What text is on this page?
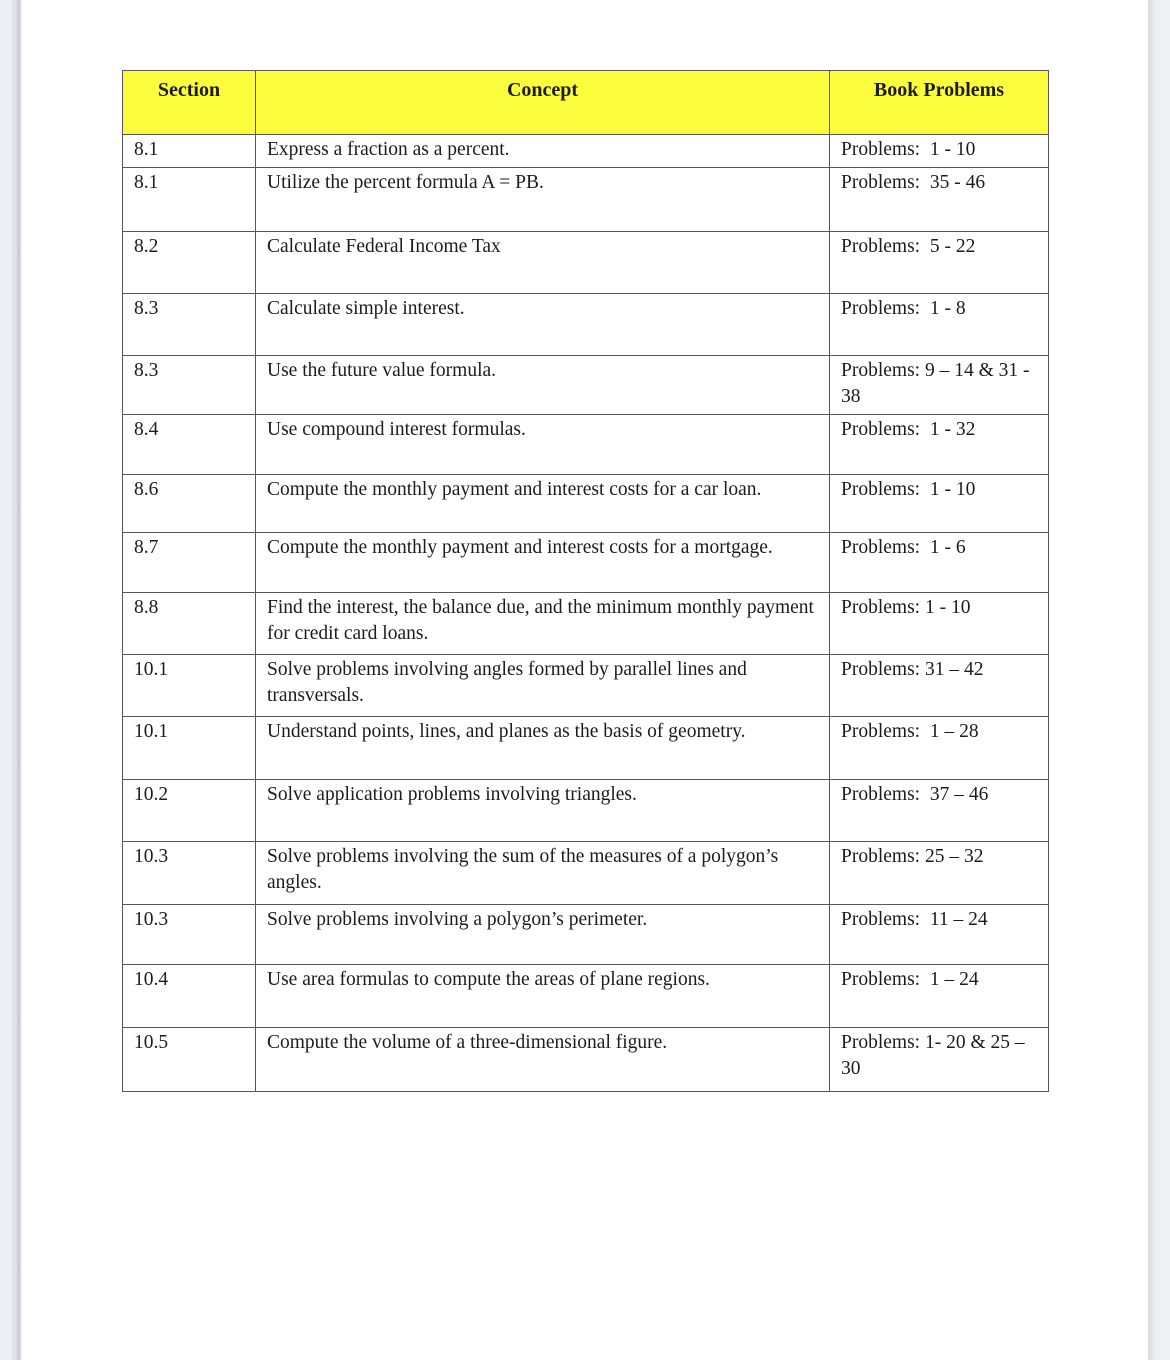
Section	Concept	Book Problems
8.1	Express a fraction as a percent.	Problems:  1 - 10
8.1	Utilize the percent formula A = PB.	Problems:  35 - 46
8.2	Calculate Federal Income Tax	Problems:  5 - 22
8.3	Calculate simple interest.	Problems:  1 - 8
8.3	Use the future value formula.	Problems: 9 – 14 & 31 - 38
8.4	Use compound interest formulas.	Problems:  1 - 32
8.6	Compute the monthly payment and interest costs for a car loan.	Problems:  1 - 10
8.7	Compute the monthly payment and interest costs for a mortgage.	Problems:  1 - 6
8.8	Find the interest, the balance due, and the minimum monthly payment for credit card loans.	Problems: 1 - 10
10.1	Solve problems involving angles formed by parallel lines and transversals.	Problems: 31 – 42
10.1	Understand points, lines, and planes as the basis of geometry.	Problems:  1 – 28
10.2	Solve application problems involving triangles.	Problems:  37 – 46
10.3	Solve problems involving the sum of the measures of a polygon’s angles.	Problems: 25 – 32
10.3	Solve problems involving a polygon’s perimeter.	Problems:  11 – 24
10.4	Use area formulas to compute the areas of plane regions.	Problems:  1 – 24
10.5	Compute the volume of a three-dimensional figure.	Problems: 1- 20 & 25 – 30
